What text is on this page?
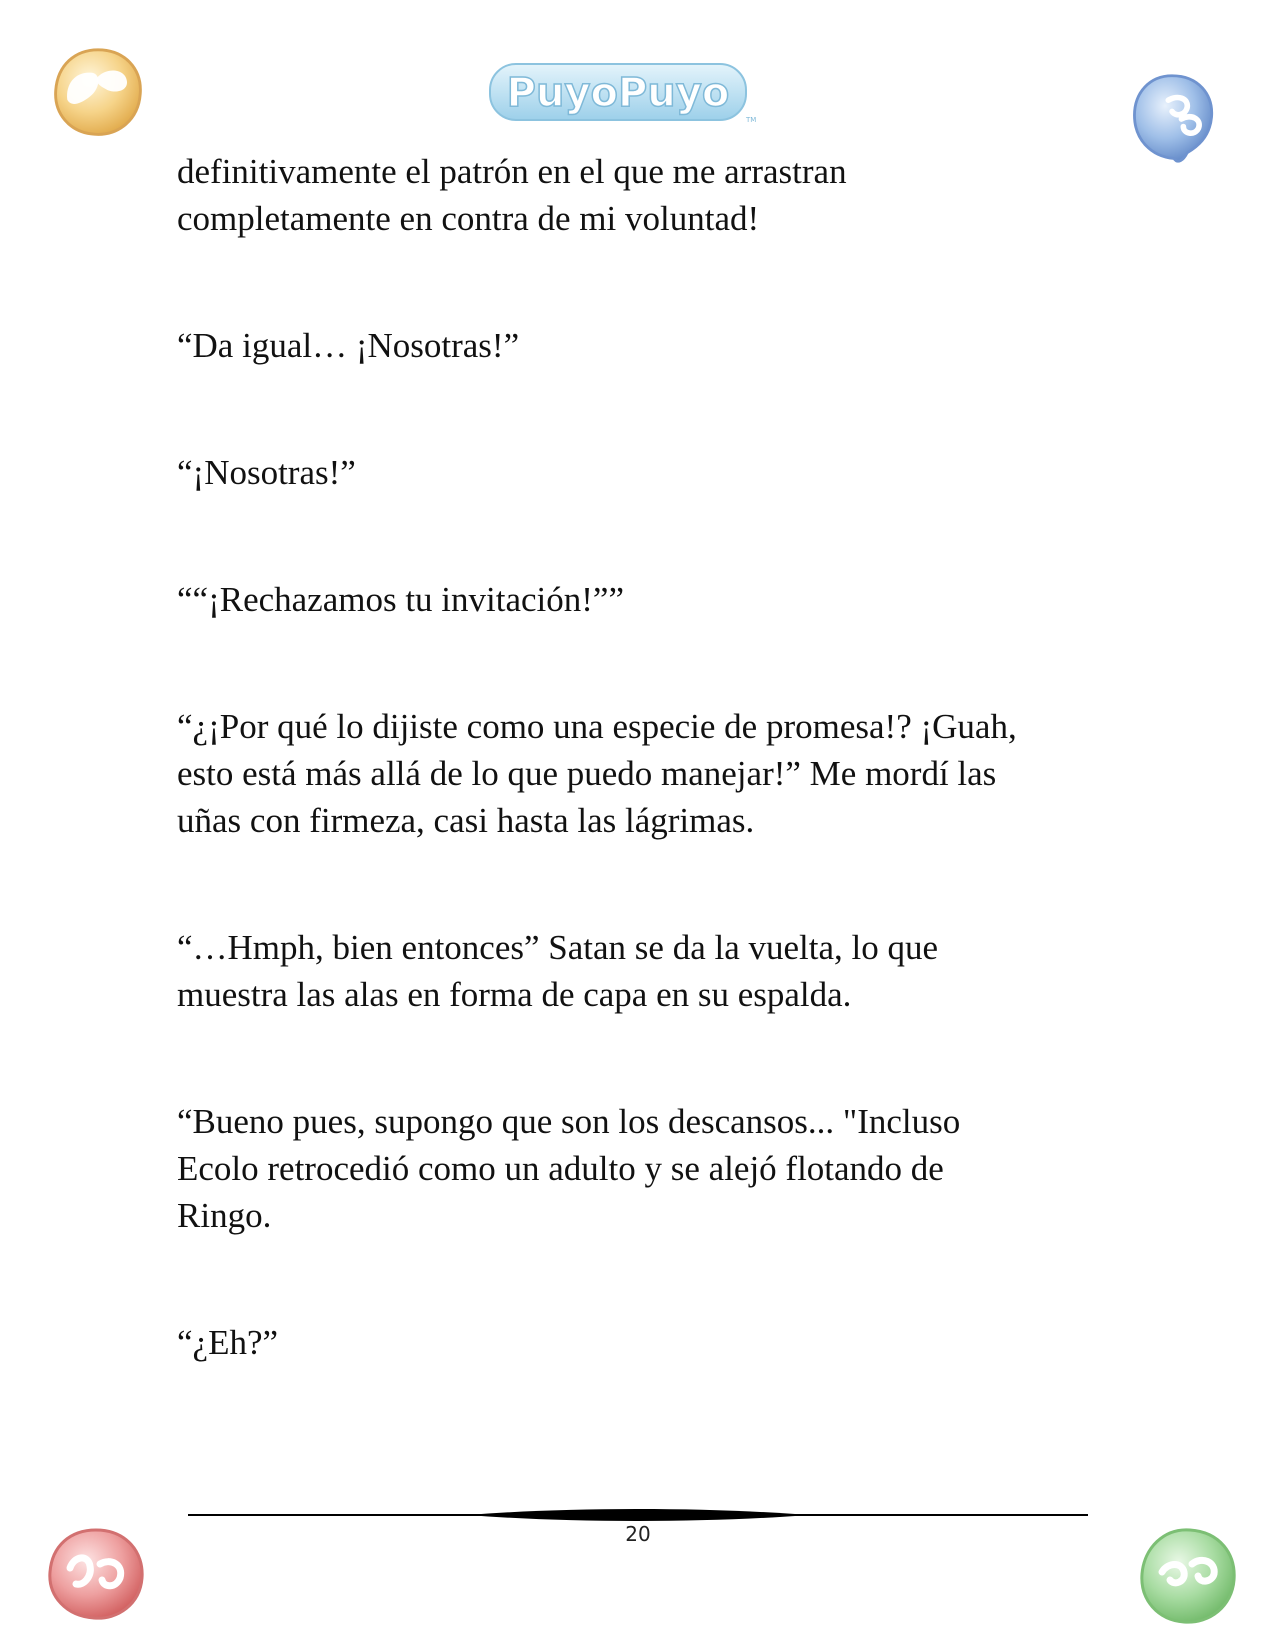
PuyoPuyo
TM

definitivamente el patrón en el que me arrastran
completamente en contra de mi voluntad!

“Da igual… ¡Nosotras!”

“¡Nosotras!”

““¡Rechazamos tu invitación!””

“¿¡Por qué lo dijiste como una especie de promesa!? ¡Guah,
esto está más allá de lo que puedo manejar!” Me mordí las
uñas con firmeza, casi hasta las lágrimas.

“…Hmph, bien entonces” Satan se da la vuelta, lo que
muestra las alas en forma de capa en su espalda.

“Bueno pues, supongo que son los descansos... "Incluso
Ecolo retrocedió como un adulto y se alejó flotando de
Ringo.

“¿Eh?”

20
